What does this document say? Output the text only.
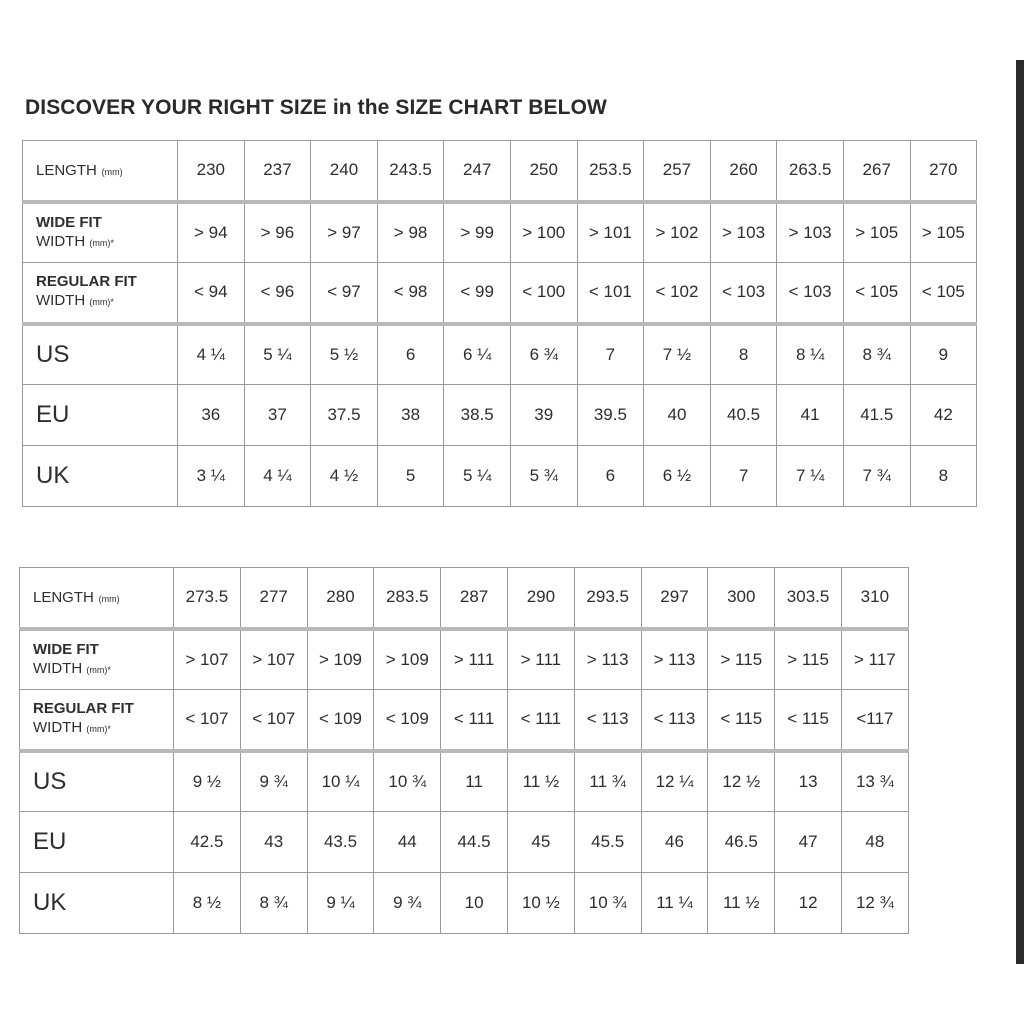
DISCOVER YOUR RIGHT SIZE in the SIZE CHART BELOW
LENGTH (mm)	230	237	240	243.5	247	250	253.5	257	260	263.5	267	270

WIDE FIT
WIDTH (mm)*	> 94	> 96	> 97	> 98	> 99	> 100	> 101	> 102	> 103	> 103	> 105	> 105

REGULAR FIT
WIDTH (mm)*	< 94	< 96	< 97	< 98	< 99	< 100	< 101	< 102	< 103	< 103	< 105	< 105
US	4 ¼	5 ¼	5 ½	6	6 ¼	6 ¾	7	7 ½	8	8 ¼	8 ¾	9
EU	36	37	37.5	38	38.5	39	39.5	40	40.5	41	41.5	42
UK	3 ¼	4 ¼	4 ½	5	5 ¼	5 ¾	6	6 ½	7	7 ¼	7 ¾	8
LENGTH (mm)	273.5	277	280	283.5	287	290	293.5	297	300	303.5	310

WIDE FIT
WIDTH (mm)*	> 107	> 107	> 109	> 109	> 111	> 111	> 113	> 113	> 115	> 115	> 117

REGULAR FIT
WIDTH (mm)*	< 107	< 107	< 109	< 109	< 111	< 111	< 113	< 113	< 115	< 115	<117
US	9 ½	9 ¾	10 ¼	10 ¾	11	11 ½	11 ¾	12 ¼	12 ½	13	13 ¾
EU	42.5	43	43.5	44	44.5	45	45.5	46	46.5	47	48
UK	8 ½	8 ¾	9 ¼	9 ¾	10	10 ½	10 ¾	11 ¼	11 ½	12	12 ¾
